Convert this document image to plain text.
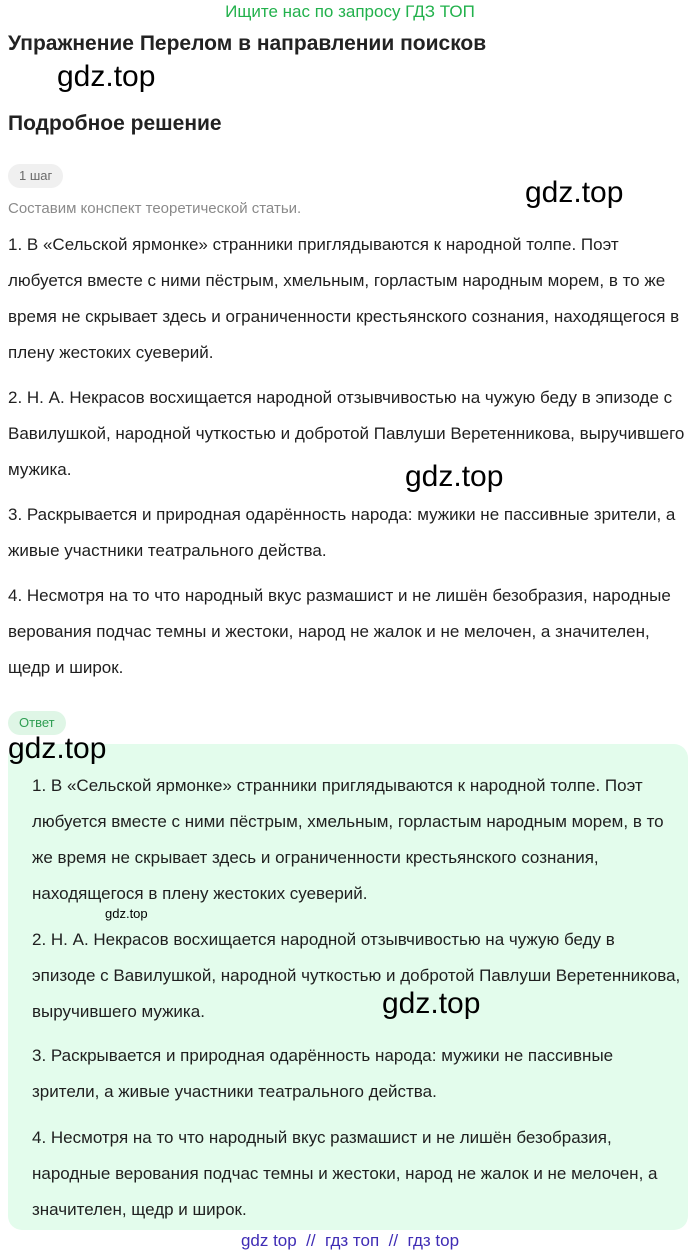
Ищите нас по запросу ГДЗ ТОП
Упражнение Перелом в направлении поисков
gdz.top
Подробное решение
1 шаг
gdz.top
Составим конспект теоретической статьи.

1. В «Сельской ярмонке» странники приглядываются к народной толпе. Поэт любуется вместе с ними пёстрым, хмельным, горластым народным морем, в то же время не скрывает здесь и ограниченности крестьянского сознания, находящегося в плену жестоких суеверий.

2. Н. А. Некрасов восхищается народной отзывчивостью на чужую беду в эпизоде с Вавилушкой, народной чуткостью и добротой Павлуши Веретенникова, выручившего мужика.	gdz.top

3. Раскрывается и природная одарённость народа: мужики не пассивные зрители, а живые участники театрального действа.

4. Несмотря на то что народный вкус размашист и не лишён безобразия, народные верования подчас темны и жестоки, народ не жалок и не мелочен, а значителен, щедр и широк.

Ответ
gdz.top

1. В «Сельской ярмонке» странники приглядываются к народной толпе. Поэт любуется вместе с ними пёстрым, хмельным, горластым народным морем, в то же время не скрывает здесь и ограниченности крестьянского сознания, находящегося в плену жестоких суеверий.

gdz.top

2. Н. А. Некрасов восхищается народной отзывчивостью на чужую беду в эпизоде с Вавилушкой, народной чуткостью и добротой Павлуши Веретенникова, выручившего мужика.	gdz.top

3. Раскрывается и природная одарённость народа: мужики не пассивные зрители, а живые участники театрального действа.

4. Несмотря на то что народный вкус размашист и не лишён безобразия, народные верования подчас темны и жестоки, народ не жалок и не мелочен, а значителен, щедр и широк.

gdz top  //  гдз топ  //  гдз top
